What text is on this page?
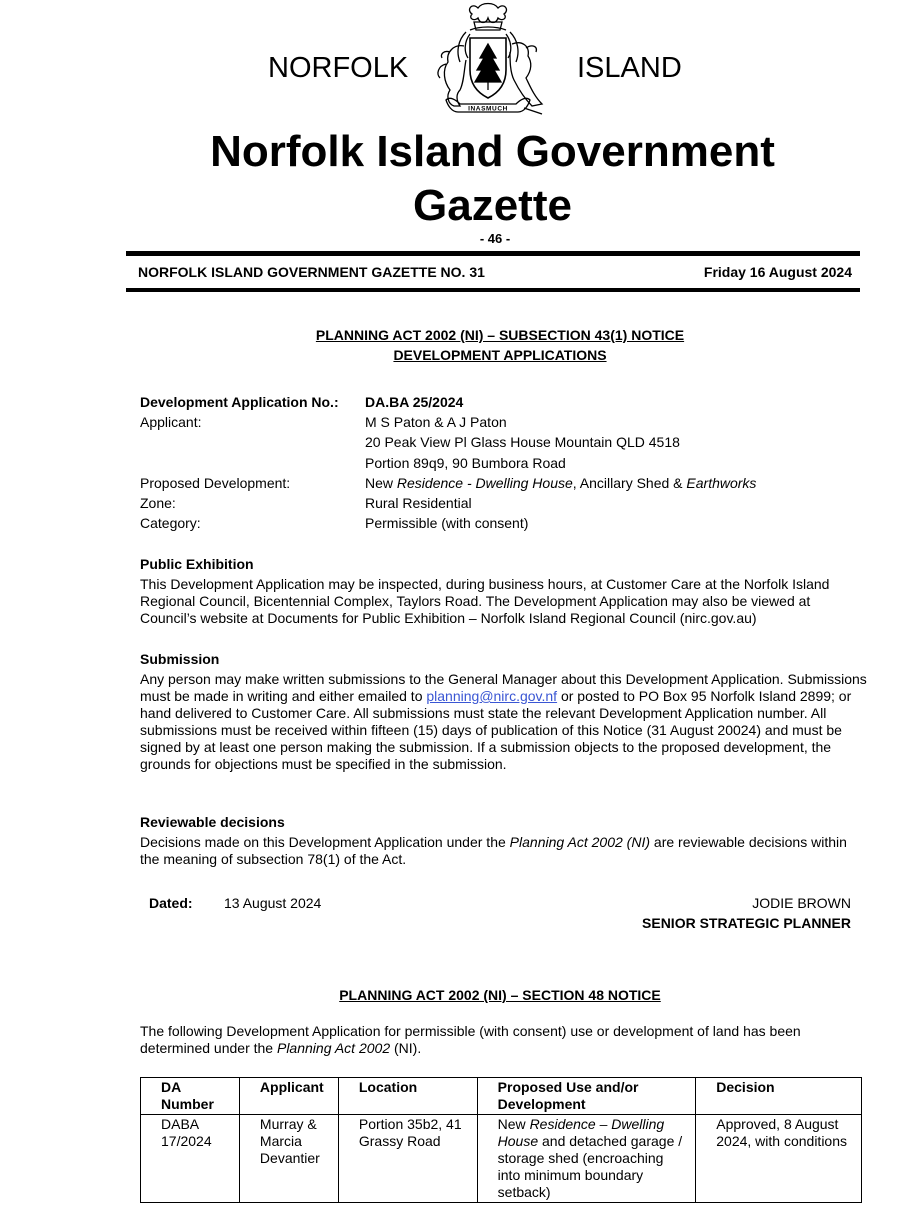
NORFOLK	ISLAND
INASMUCH
Norfolk Island Government
Gazette
- 46 -
NORFOLK ISLAND GOVERNMENT GAZETTE NO. 31	Friday 16 August 2024
PLANNING ACT 2002 (NI) – SUBSECTION 43(1) NOTICE
DEVELOPMENT APPLICATIONS
Development Application No.: DA.BA 25/2024
Applicant:	M S Paton & A J Paton
20 Peak View Pl Glass House Mountain QLD 4518
Portion 89q9, 90 Bumbora Road
Proposed Development:	New Residence - Dwelling House, Ancillary Shed & Earthworks
Zone:	Rural Residential
Category:	Permissible (with consent)
Public Exhibition
This Development Application may be inspected, during business hours, at Customer Care at the Norfolk Island Regional Council, Bicentennial Complex, Taylors Road. The Development Application may also be viewed at Council’s website at Documents for Public Exhibition – Norfolk Island Regional Council (nirc.gov.au)
Submission
Any person may make written submissions to the General Manager about this Development Application. Submissions must be made in writing and either emailed to planning@nirc.gov.nf or posted to PO Box 95 Norfolk Island 2899; or hand delivered to Customer Care. All submissions must state the relevant Development Application number. All submissions must be received within fifteen (15) days of publication of this Notice (31 August 20024) and must be signed by at least one person making the submission. If a submission objects to the proposed development, the grounds for objections must be specified in the submission.
Reviewable decisions
Decisions made on this Development Application under the Planning Act 2002 (NI) are reviewable decisions within the meaning of subsection 78(1) of the Act.
Dated: 13 August 2024	JODIE BROWN
SENIOR STRATEGIC PLANNER
PLANNING ACT 2002 (NI) – SECTION 48 NOTICE
The following Development Application for permissible (with consent) use or development of land has been determined under the Planning Act 2002 (NI).
DA Number	Applicant	Location	Proposed Use and/or Development	Decision
DABA 17/2024	Murray & Marcia Devantier	Portion 35b2, 41 Grassy Road	New Residence – Dwelling House and detached garage / storage shed (encroaching into minimum boundary setback)	Approved, 8 August 2024, with conditions
